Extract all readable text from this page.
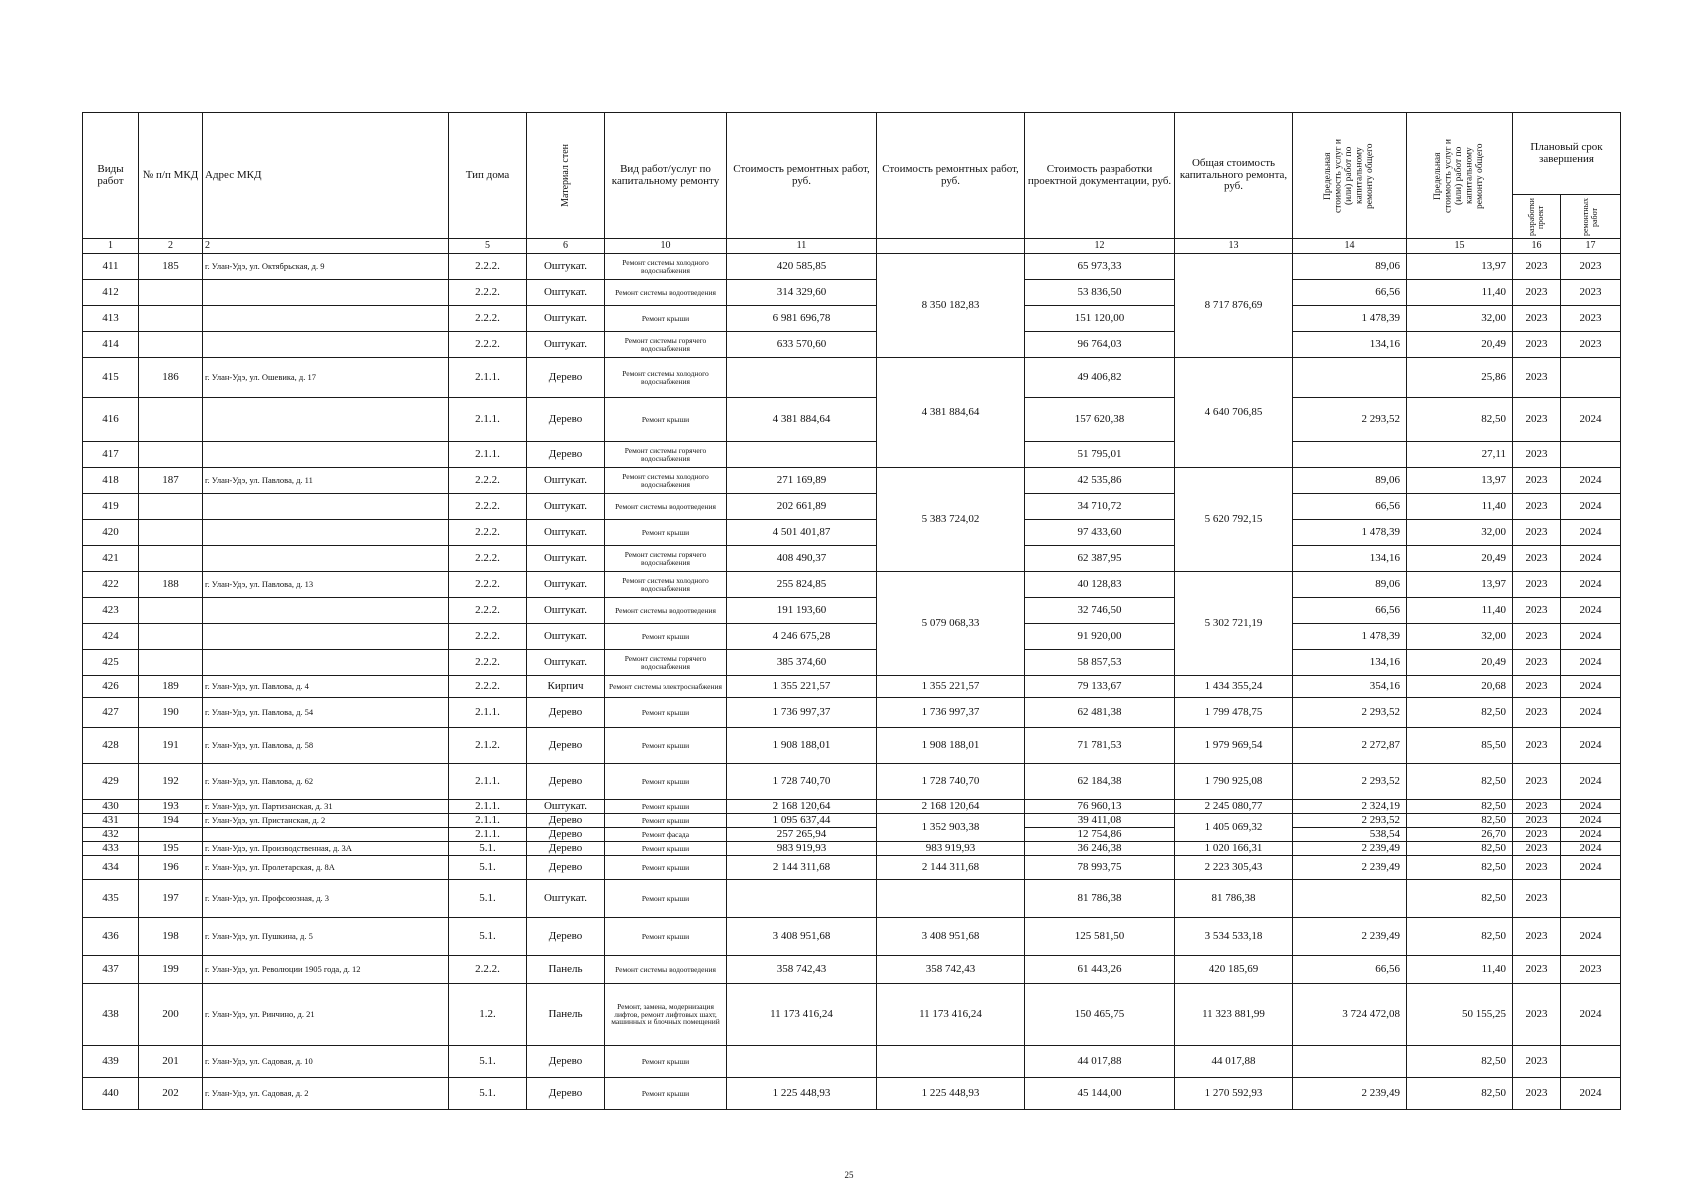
Виды работ	№ п/п МКД	Адрес МКД	Тип дома	Материал стен	Вид работ/услуг по капитальному ремонту	Стоимость ремонтных работ, руб.	Стоимость ремонтных работ, руб.	Стоимость разработки проектной документации, руб.	Общая стоимость капитального ремонта, руб.	Предельная стоимость услуг и (или) работ по капитальному ремонту общего	Предельная стоимость услуг и (или) работ по капитальному ремонту общего	Плановый срок завершения	

												разработки проект	ремонтных работ

1	2	2	5	6	10	11		12	13	14	15	16	17
411	185	г. Улан-Удэ, ул. Октябрьская, д. 9	2.2.2.	Оштукат.	Ремонт системы холодного водоснабжения	420 585,85	8 350 182,83	65 973,33	8 717 876,69	89,06	13,97	2023	2023
412			2.2.2.	Оштукат.	Ремонт системы водоотведения	314 329,60		53 836,50		66,56	11,40	2023	2023
413			2.2.2.	Оштукат.	Ремонт крыши	6 981 696,78		151 120,00		1 478,39	32,00	2023	2023
414			2.2.2.	Оштукат.	Ремонт системы горячего водоснабжения	633 570,60		96 764,03		134,16	20,49	2023	2023
415	186	г. Улан-Удэ, ул. Ошевика, д. 17	2.1.1.	Дерево	Ремонт системы холодного водоснабжения		4 381 884,64	49 406,82	4 640 706,85		25,86	2023	
416			2.1.1.	Дерево	Ремонт крыши	4 381 884,64		157 620,38		2 293,52	82,50	2023	2024
417			2.1.1.	Дерево	Ремонт системы горячего водоснабжения			51 795,01			27,11	2023	
418	187	г. Улан-Удэ, ул. Павлова, д. 11	2.2.2.	Оштукат.	Ремонт системы холодного водоснабжения	271 169,89	5 383 724,02	42 535,86	5 620 792,15	89,06	13,97	2023	2024
419			2.2.2.	Оштукат.	Ремонт системы водоотведения	202 661,89		34 710,72		66,56	11,40	2023	2024
420			2.2.2.	Оштукат.	Ремонт крыши	4 501 401,87		97 433,60		1 478,39	32,00	2023	2024
421			2.2.2.	Оштукат.	Ремонт системы горячего водоснабжения	408 490,37		62 387,95		134,16	20,49	2023	2024
422	188	г. Улан-Удэ, ул. Павлова, д. 13	2.2.2.	Оштукат.	Ремонт системы холодного водоснабжения	255 824,85	5 079 068,33	40 128,83	5 302 721,19	89,06	13,97	2023	2024
423			2.2.2.	Оштукат.	Ремонт системы водоотведения	191 193,60		32 746,50		66,56	11,40	2023	2024
424			2.2.2.	Оштукат.	Ремонт крыши	4 246 675,28		91 920,00		1 478,39	32,00	2023	2024
425			2.2.2.	Оштукат.	Ремонт системы горячего водоснабжения	385 374,60		58 857,53		134,16	20,49	2023	2024
426	189	г. Улан-Удэ, ул. Павлова, д. 4	2.2.2.	Кирпич	Ремонт системы электроснабжения	1 355 221,57	1 355 221,57	79 133,67	1 434 355,24	354,16	20,68	2023	2024
427	190	г. Улан-Удэ, ул. Павлова, д. 54	2.1.1.	Дерево	Ремонт крыши	1 736 997,37	1 736 997,37	62 481,38	1 799 478,75	2 293,52	82,50	2023	2024
428	191	г. Улан-Удэ, ул. Павлова, д. 58	2.1.2.	Дерево	Ремонт крыши	1 908 188,01	1 908 188,01	71 781,53	1 979 969,54	2 272,87	85,50	2023	2024
429	192	г. Улан-Удэ, ул. Павлова, д. 62	2.1.1.	Дерево	Ремонт крыши	1 728 740,70	1 728 740,70	62 184,38	1 790 925,08	2 293,52	82,50	2023	2024
430	193	г. Улан-Удэ, ул. Партизанская, д. 31	2.1.1.	Оштукат.	Ремонт крыши	2 168 120,64	2 168 120,64	76 960,13	2 245 080,77	2 324,19	82,50	2023	2024
431	194	г. Улан-Удэ, ул. Пристанская, д. 2	2.1.1.	Дерево	Ремонт крыши	1 095 637,44	1 352 903,38	39 411,08	1 405 069,32	2 293,52	82,50	2023	2024
432			2.1.1.	Дерево	Ремонт фасада	257 265,94		12 754,86		538,54	26,70	2023	2024
433	195	г. Улан-Удэ, ул. Производственная, д. 3А	5.1.	Дерево	Ремонт крыши	983 919,93	983 919,93	36 246,38	1 020 166,31	2 239,49	82,50	2023	2024
434	196	г. Улан-Удэ, ул. Пролетарская, д. 8А	5.1.	Дерево	Ремонт крыши	2 144 311,68	2 144 311,68	78 993,75	2 223 305,43	2 239,49	82,50	2023	2024
435	197	г. Улан-Удэ, ул. Профсоюзная, д. 3	5.1.	Оштукат.	Ремонт крыши			81 786,38	81 786,38		82,50	2023	
436	198	г. Улан-Удэ, ул. Пушкина, д. 5	5.1.	Дерево	Ремонт крыши	3 408 951,68	3 408 951,68	125 581,50	3 534 533,18	2 239,49	82,50	2023	2024
437	199	г. Улан-Удэ, ул. Революции 1905 года, д. 12	2.2.2.	Панель	Ремонт системы водоотведения	358 742,43	358 742,43	61 443,26	420 185,69	66,56	11,40	2023	2023
438	200	г. Улан-Удэ, ул. Ринчино, д. 21	1.2.	Панель	Ремонт, замена, модернизация лифтов, ремонт лифтовых шахт, машинных и блочных помещений	11 173 416,24	11 173 416,24	150 465,75	11 323 881,99	3 724 472,08	50 155,25	2023	2024
439	201	г. Улан-Удэ, ул. Садовая, д. 10	5.1.	Дерево	Ремонт крыши			44 017,88	44 017,88		82,50	2023	
440	202	г. Улан-Удэ, ул. Садовая, д. 2	5.1.	Дерево	Ремонт крыши	1 225 448,93	1 225 448,93	45 144,00	1 270 592,93	2 239,49	82,50	2023	2024
25
